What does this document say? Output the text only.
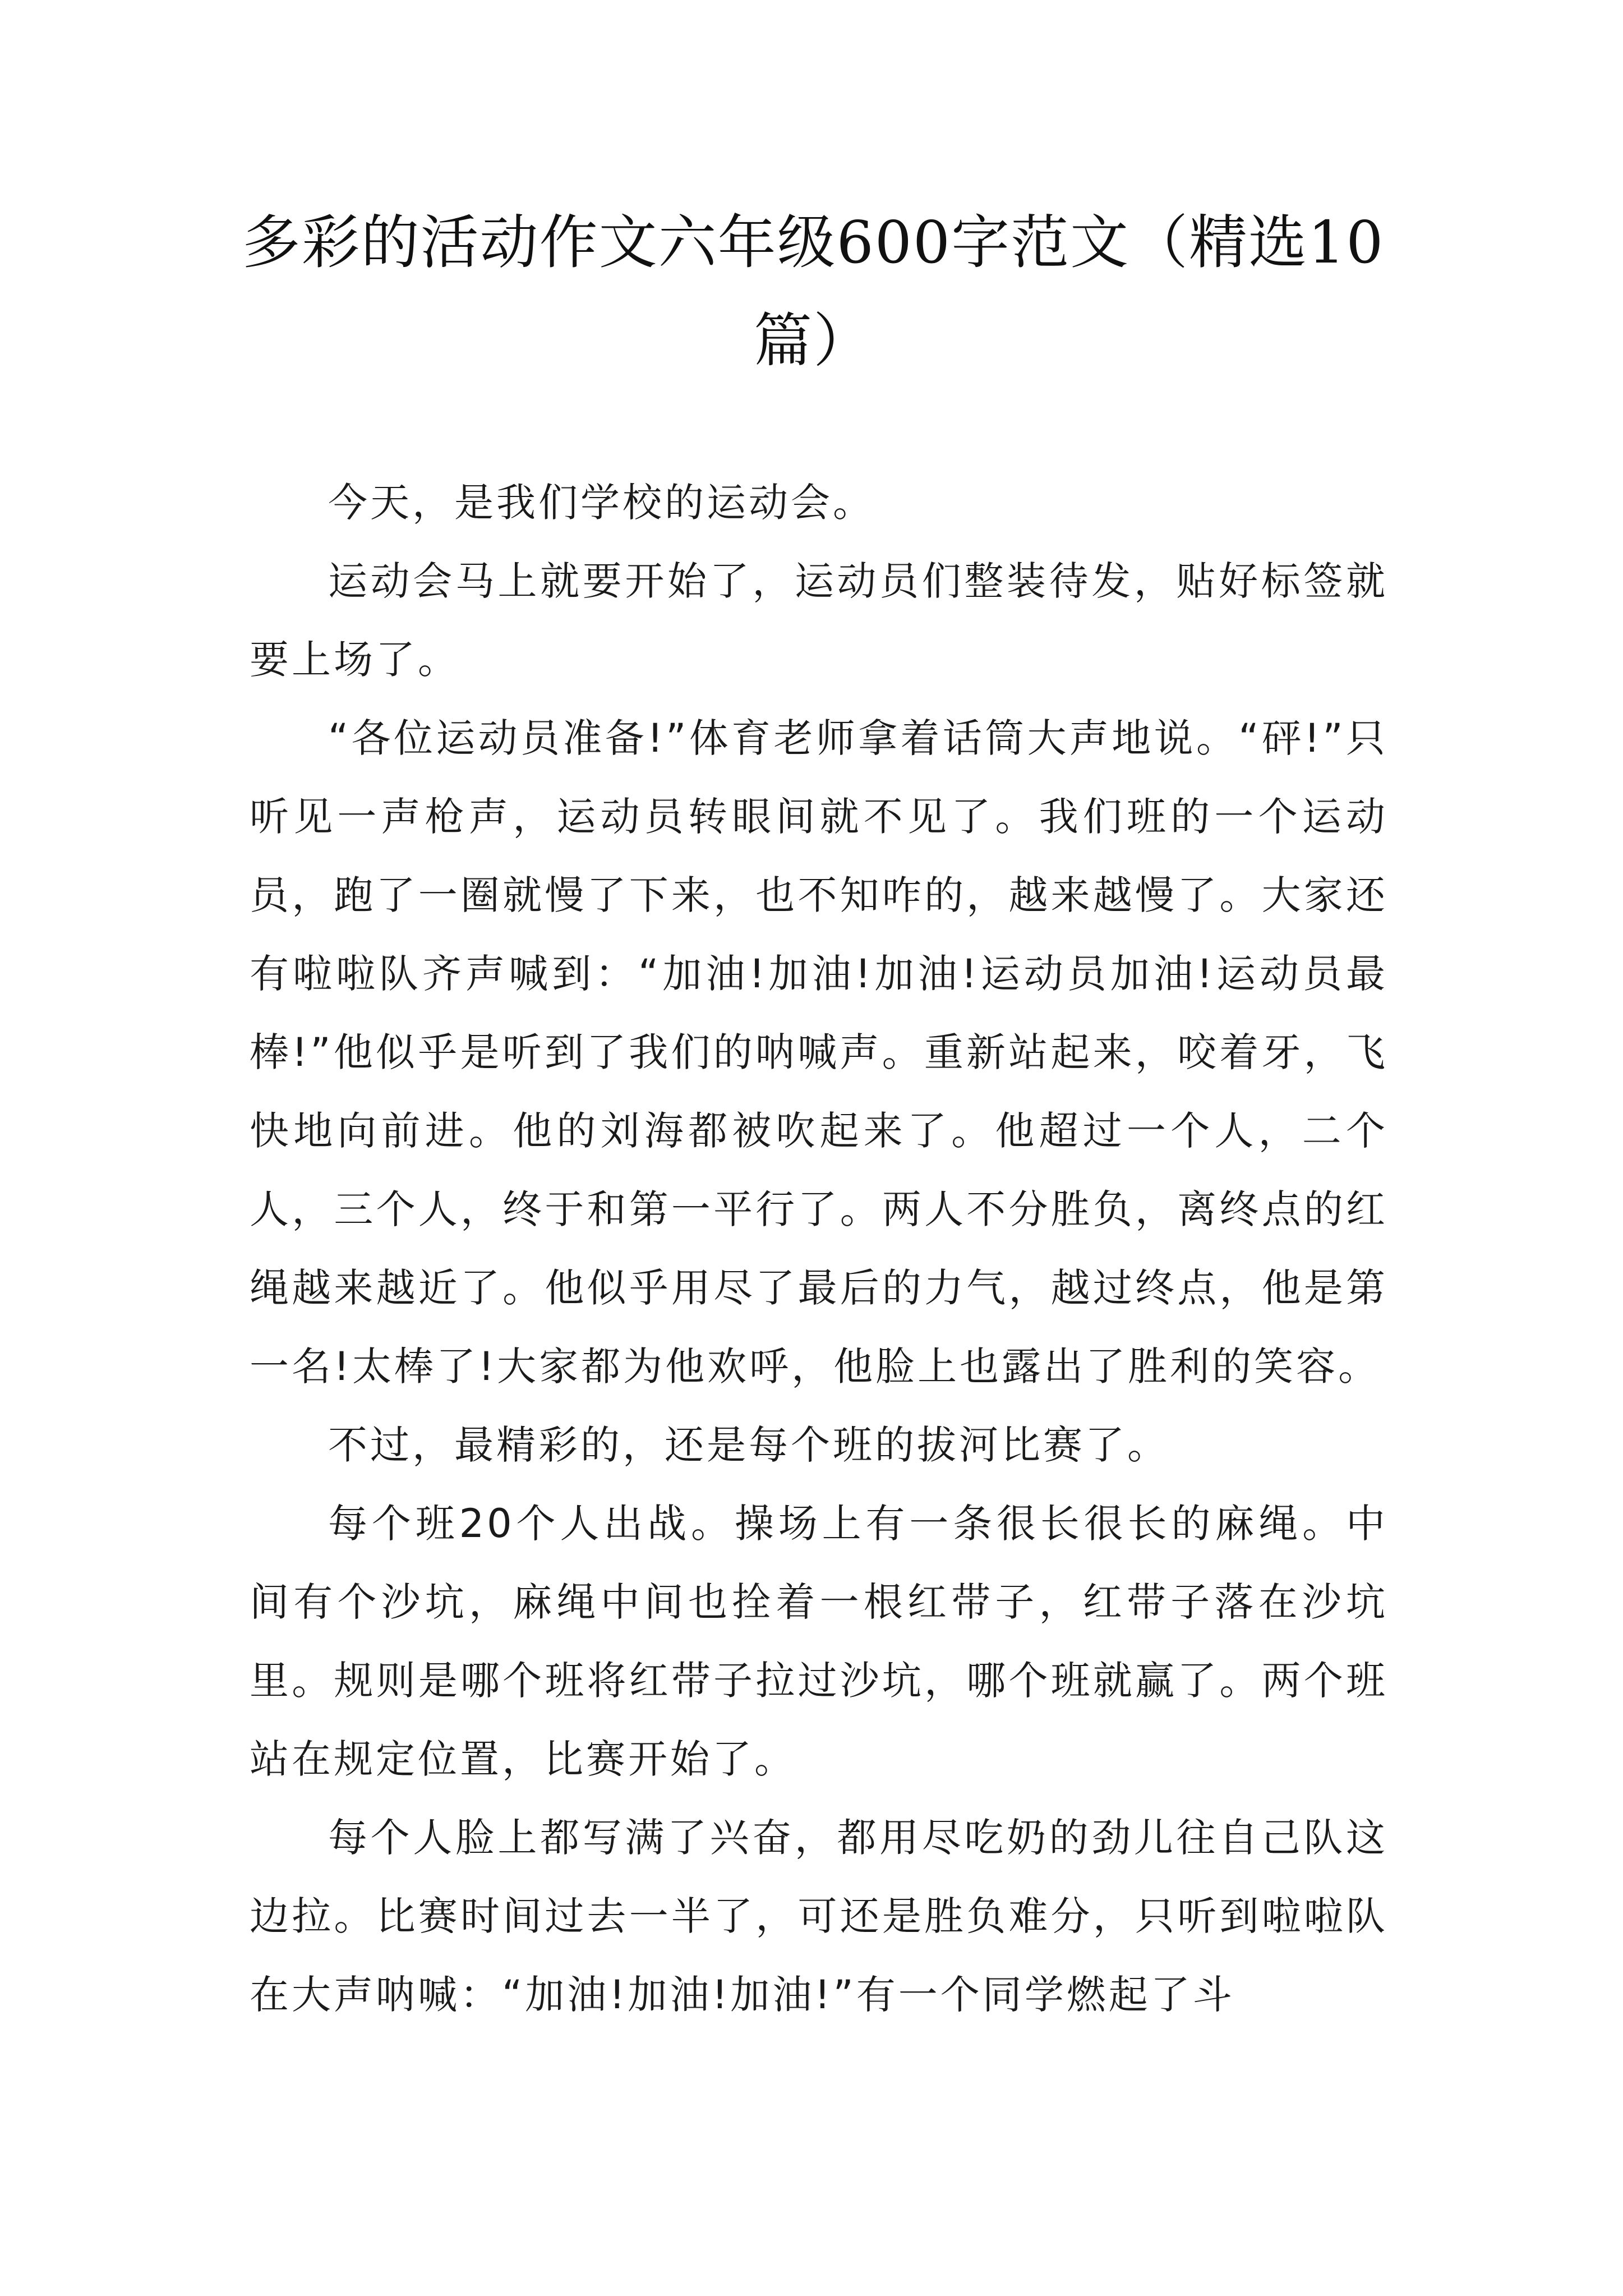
多彩的活动作文六年级600字范文（精选10篇）

今天，是我们学校的运动会。

运动会马上就要开始了，运动员们整装待发，贴好标签就要上场了。

“各位运动员准备!”体育老师拿着话筒大声地说。“砰!”只听见一声枪声，运动员转眼间就不见了。我们班的一个运动员，跑了一圈就慢了下来，也不知咋的，越来越慢了。大家还有啦啦队齐声喊到：“加油!加油!加油!运动员加油!运动员最棒!”他似乎是听到了我们的呐喊声。重新站起来，咬着牙，飞快地向前进。他的刘海都被吹起来了。他超过一个人，二个人，三个人，终于和第一平行了。两人不分胜负，离终点的红绳越来越近了。他似乎用尽了最后的力气，越过终点，他是第一名!太棒了!大家都为他欢呼，他脸上也露出了胜利的笑容。

不过，最精彩的，还是每个班的拔河比赛了。

每个班20个人出战。操场上有一条很长很长的麻绳。中间有个沙坑，麻绳中间也拴着一根红带子，红带子落在沙坑里。规则是哪个班将红带子拉过沙坑，哪个班就赢了。两个班站在规定位置，比赛开始了。

每个人脸上都写满了兴奋，都用尽吃奶的劲儿往自己队这边拉。比赛时间过去一半了，可还是胜负难分，只听到啦啦队在大声呐喊：“加油!加油!加油!”有一个同学燃起了斗
